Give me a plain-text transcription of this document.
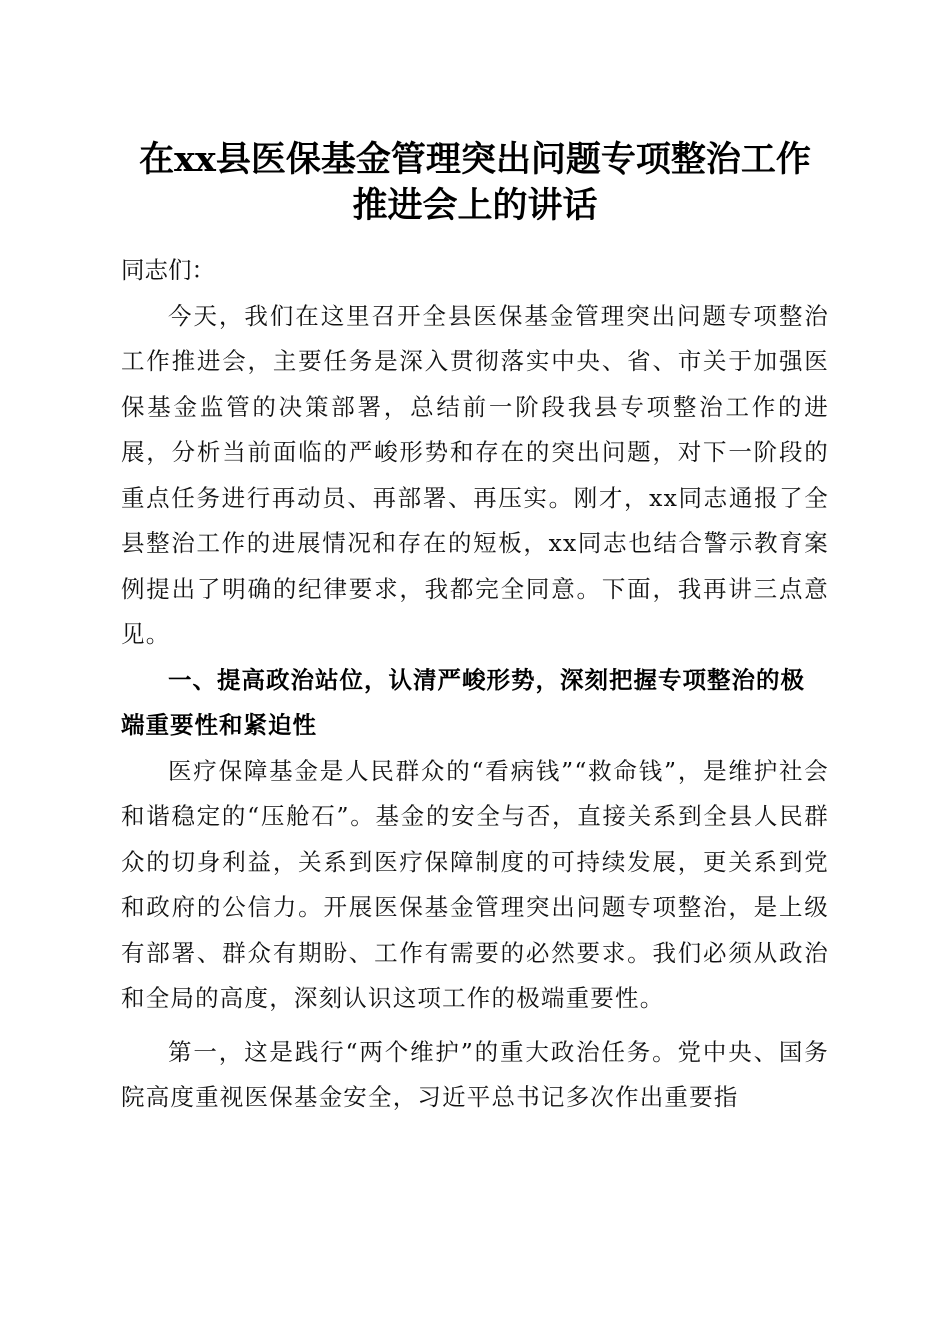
在xx县医保基金管理突出问题专项整治工作
推进会上的讲话

同志们：

今天，我们在这里召开全县医保基金管理突出问题专项整治工作推进会，主要任务是深入贯彻落实中央、省、市关于加强医保基金监管的决策部署，总结前一阶段我县专项整治工作的进展，分析当前面临的严峻形势和存在的突出问题，对下一阶段的重点任务进行再动员、再部署、再压实。刚才，xx同志通报了全县整治工作的进展情况和存在的短板，xx同志也结合警示教育案例提出了明确的纪律要求，我都完全同意。下面，我再讲三点意见。

一、提高政治站位，认清严峻形势，深刻把握专项整治的极端重要性和紧迫性

医疗保障基金是人民群众的“看病钱”“救命钱”，是维护社会和谐稳定的“压舱石”。基金的安全与否，直接关系到全县人民群众的切身利益，关系到医疗保障制度的可持续发展，更关系到党和政府的公信力。开展医保基金管理突出问题专项整治，是上级有部署、群众有期盼、工作有需要的必然要求。我们必须从政治和全局的高度，深刻认识这项工作的极端重要性。

第一，这是践行“两个维护”的重大政治任务。党中央、国务院高度重视医保基金安全，习近平总书记多次作出重要指
